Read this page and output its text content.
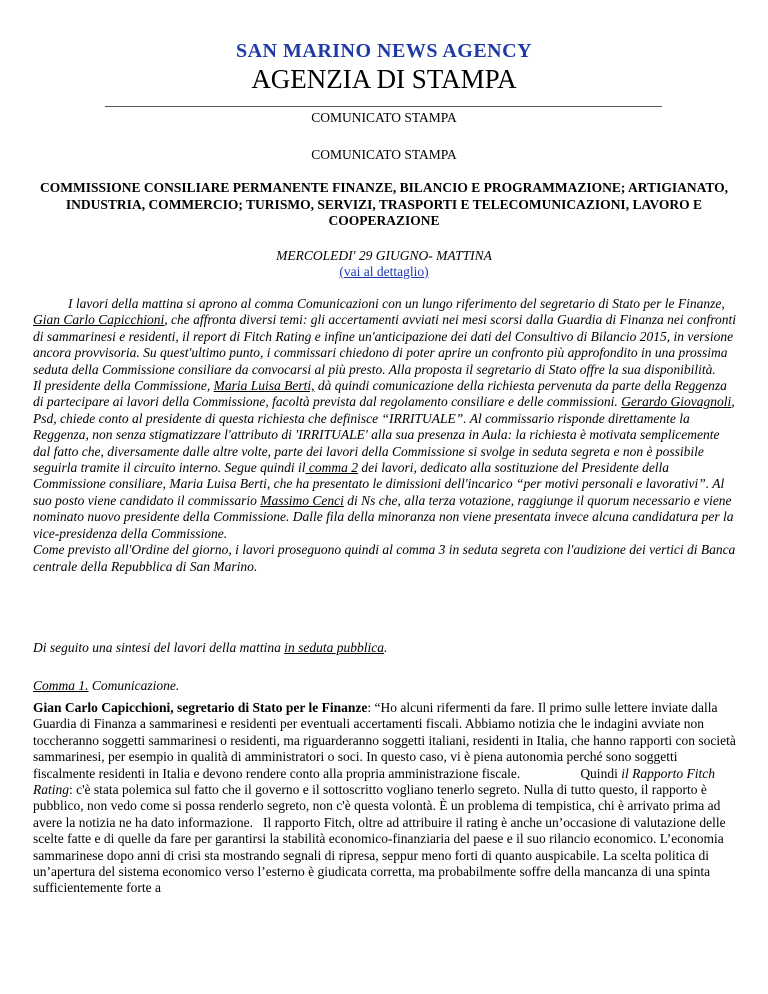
SAN MARINO NEWS AGENCY
AGENZIA DI STAMPA
COMUNICATO STAMPA
COMUNICATO STAMPA
COMMISSIONE CONSILIARE PERMANENTE FINANZE, BILANCIO E PROGRAMMAZIONE; ARTIGIANATO, INDUSTRIA, COMMERCIO; TURISMO, SERVIZI, TRASPORTI E TELECOMUNICAZIONI, LAVORO E COOPERAZIONE
MERCOLEDI' 29 GIUGNO- MATTINA
(vai al dettaglio)

I lavori della mattina si aprono al comma Comunicazioni con un lungo riferimento del segretario di Stato per le Finanze, Gian Carlo Capicchioni, che affronta diversi temi: gli accertamenti avviati nei mesi scorsi dalla Guardia di Finanza nei confronti di sammarinesi e residenti, il report di Fitch Rating e infine un'anticipazione dei dati del Consultivo di Bilancio 2015, in versione ancora provvisoria. Su quest'ultimo punto, i commissari chiedono di poter aprire un confronto più approfondito in una prossima seduta della Commissione consiliare da convocarsi al più presto. Alla proposta il segretario di Stato offre la sua disponibilità.

Il presidente della Commissione, Maria Luisa Berti, dà quindi comunicazione della richiesta pervenuta da parte della Reggenza di partecipare ai lavori della Commissione, facoltà prevista dal regolamento consiliare e delle commissioni. Gerardo Giovagnoli, Psd, chiede conto al presidente di questa richiesta che definisce “IRRITUALE”. Al commissario risponde direttamente la Reggenza, non senza stigmatizzare l'attributo di 'IRRITUALE' alla sua presenza in Aula: la richiesta è motivata semplicemente dal fatto che, diversamente dalle altre volte, parte dei lavori della Commissione si svolge in seduta segreta e non è possibile seguirla tramite il circuito interno. Segue quindi il comma 2 dei lavori, dedicato alla sostituzione del Presidente della Commissione consiliare, Maria Luisa Berti, che ha presentato le dimissioni dell'incarico “per motivi personali e lavorativi”. Al suo posto viene candidato il commissario Massimo Cenci di Ns che, alla terza votazione, raggiunge il quorum necessario e viene nominato nuovo presidente della Commissione. Dalle fila della minoranza non viene presentata invece alcuna candidatura per la vice-presidenza della Commissione.

Come previsto all'Ordine del giorno, i lavori proseguono quindi al comma 3 in seduta segreta con l'audizione dei vertici di Banca centrale della Repubblica di San Marino.

Di seguito una sintesi del lavori della mattina in seduta pubblica.
Comma 1. Comunicazione.
Gian Carlo Capicchioni, segretario di Stato per le Finanze: “Ho alcuni rifermenti da fare. Il primo sulle lettere inviate dalla Guardia di Finanza a sammarinesi e residenti per eventuali accertamenti fiscali. Abbiamo notizia che le indagini avviate non toccheranno soggetti sammarinesi o residenti, ma riguarderanno soggetti italiani, residenti in Italia, che hanno rapporti con società sammarinesi, per esempio in qualità di amministratori o soci. In questo caso, vi è piena autonomia perché sono soggetti fiscalmente residenti in Italia e devono rendere conto alla propria amministrazione fiscale.	Quindi il Rapporto Fitch Rating: c'è stata polemica sul fatto che il governo e il sottoscritto vogliano tenerlo segreto. Nulla di tutto questo, il rapporto è pubblico, non vedo come si possa renderlo segreto, non c'è questa volontà. È un problema di tempistica, chi è arrivato prima ad avere la notizia ne ha dato informazione. Il rapporto Fitch, oltre ad attribuire il rating è anche un’occasione di valutazione delle scelte fatte e di quelle da fare per garantirsi la stabilità economico-finanziaria del paese e il suo rilancio economico. L’economia sammarinese dopo anni di crisi sta mostrando segnali di ripresa, seppur meno forti di quanto auspicabile. La scelta politica di un’apertura del sistema economico verso l’esterno è giudicata corretta, ma probabilmente soffre della mancanza di una spinta sufficientemente forte a
